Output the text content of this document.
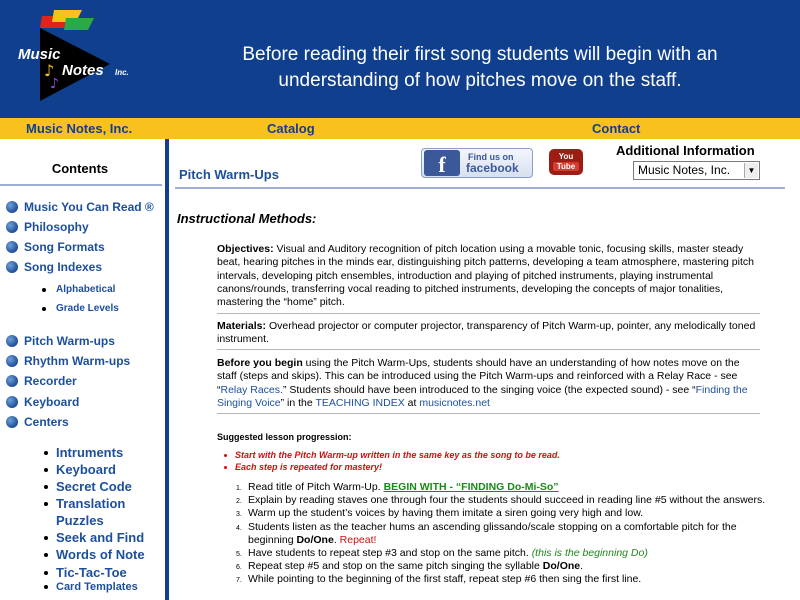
♪
♪
Music
Notes Inc.
Before reading their first song students will begin with an understanding of how pitches move on the staff.
Music Notes, Inc.	Catalog	Contact
Contents
Music You Can Read ®
Philosophy
Song Formats
Song Indexes
Alphabetical
Grade Levels
Pitch Warm-ups
Rhythm Warm-ups
Recorder
Keyboard
Centers
Intruments
Keyboard
Secret Code
Translation
Puzzles
Seek and Find
Words of Note
Tic-Tac-Toe
Card Templates
Pitch Warm-Ups	f	Find us on
facebook
You
Tube
Additional Information
Music Notes, Inc.	▼
Instructional Methods:
Objectives: Visual and Auditory recognition of pitch location using a movable tonic, focusing skills, master steady beat, hearing pitches in the minds ear, distinguishing pitch patterns, developing a team atmosphere, mastering pitch intervals, developing pitch ensembles, introduction and playing of pitched instruments, playing instrumental canons/rounds, transferring vocal reading to pitched instruments, developing the concepts of major tonalities, mastering the “home” pitch.
Materials: Overhead projector or computer projector, transparency of Pitch Warm-up, pointer, any melodically toned instrument.
Before you begin using the Pitch Warm-Ups, students should have an understanding of how notes move on the staff (steps and skips). This can be introduced using the Pitch Warm-ups and reinforced with a Relay Race - see “Relay Races.” Students should have been introduced to the singing voice (the expected sound) - see “Finding the Singing Voice” in the TEACHING INDEX at musicnotes.net
Suggested lesson progression:
Start with the Pitch Warm-up written in the same key as the song to be read.
Each step is repeated for mastery!
1. Read title of Pitch Warm-Up. BEGIN WITH - “FINDING Do-Mi-So”
2. Explain by reading staves one through four the students should succeed in reading line #5 without the answers.
3. Warm up the student’s voices by having them imitate a siren going very high and low.
4. Students listen as the teacher hums an ascending glissando/scale stopping on a comfortable pitch for the beginning Do/One. Repeat!
5. Have students to repeat step #3 and stop on the same pitch. (this is the beginning Do)
6. Repeat step #5 and stop on the same pitch singing the syllable Do/One.
7. While pointing to the beginning of the first staff, repeat step #6 then sing the first line.
